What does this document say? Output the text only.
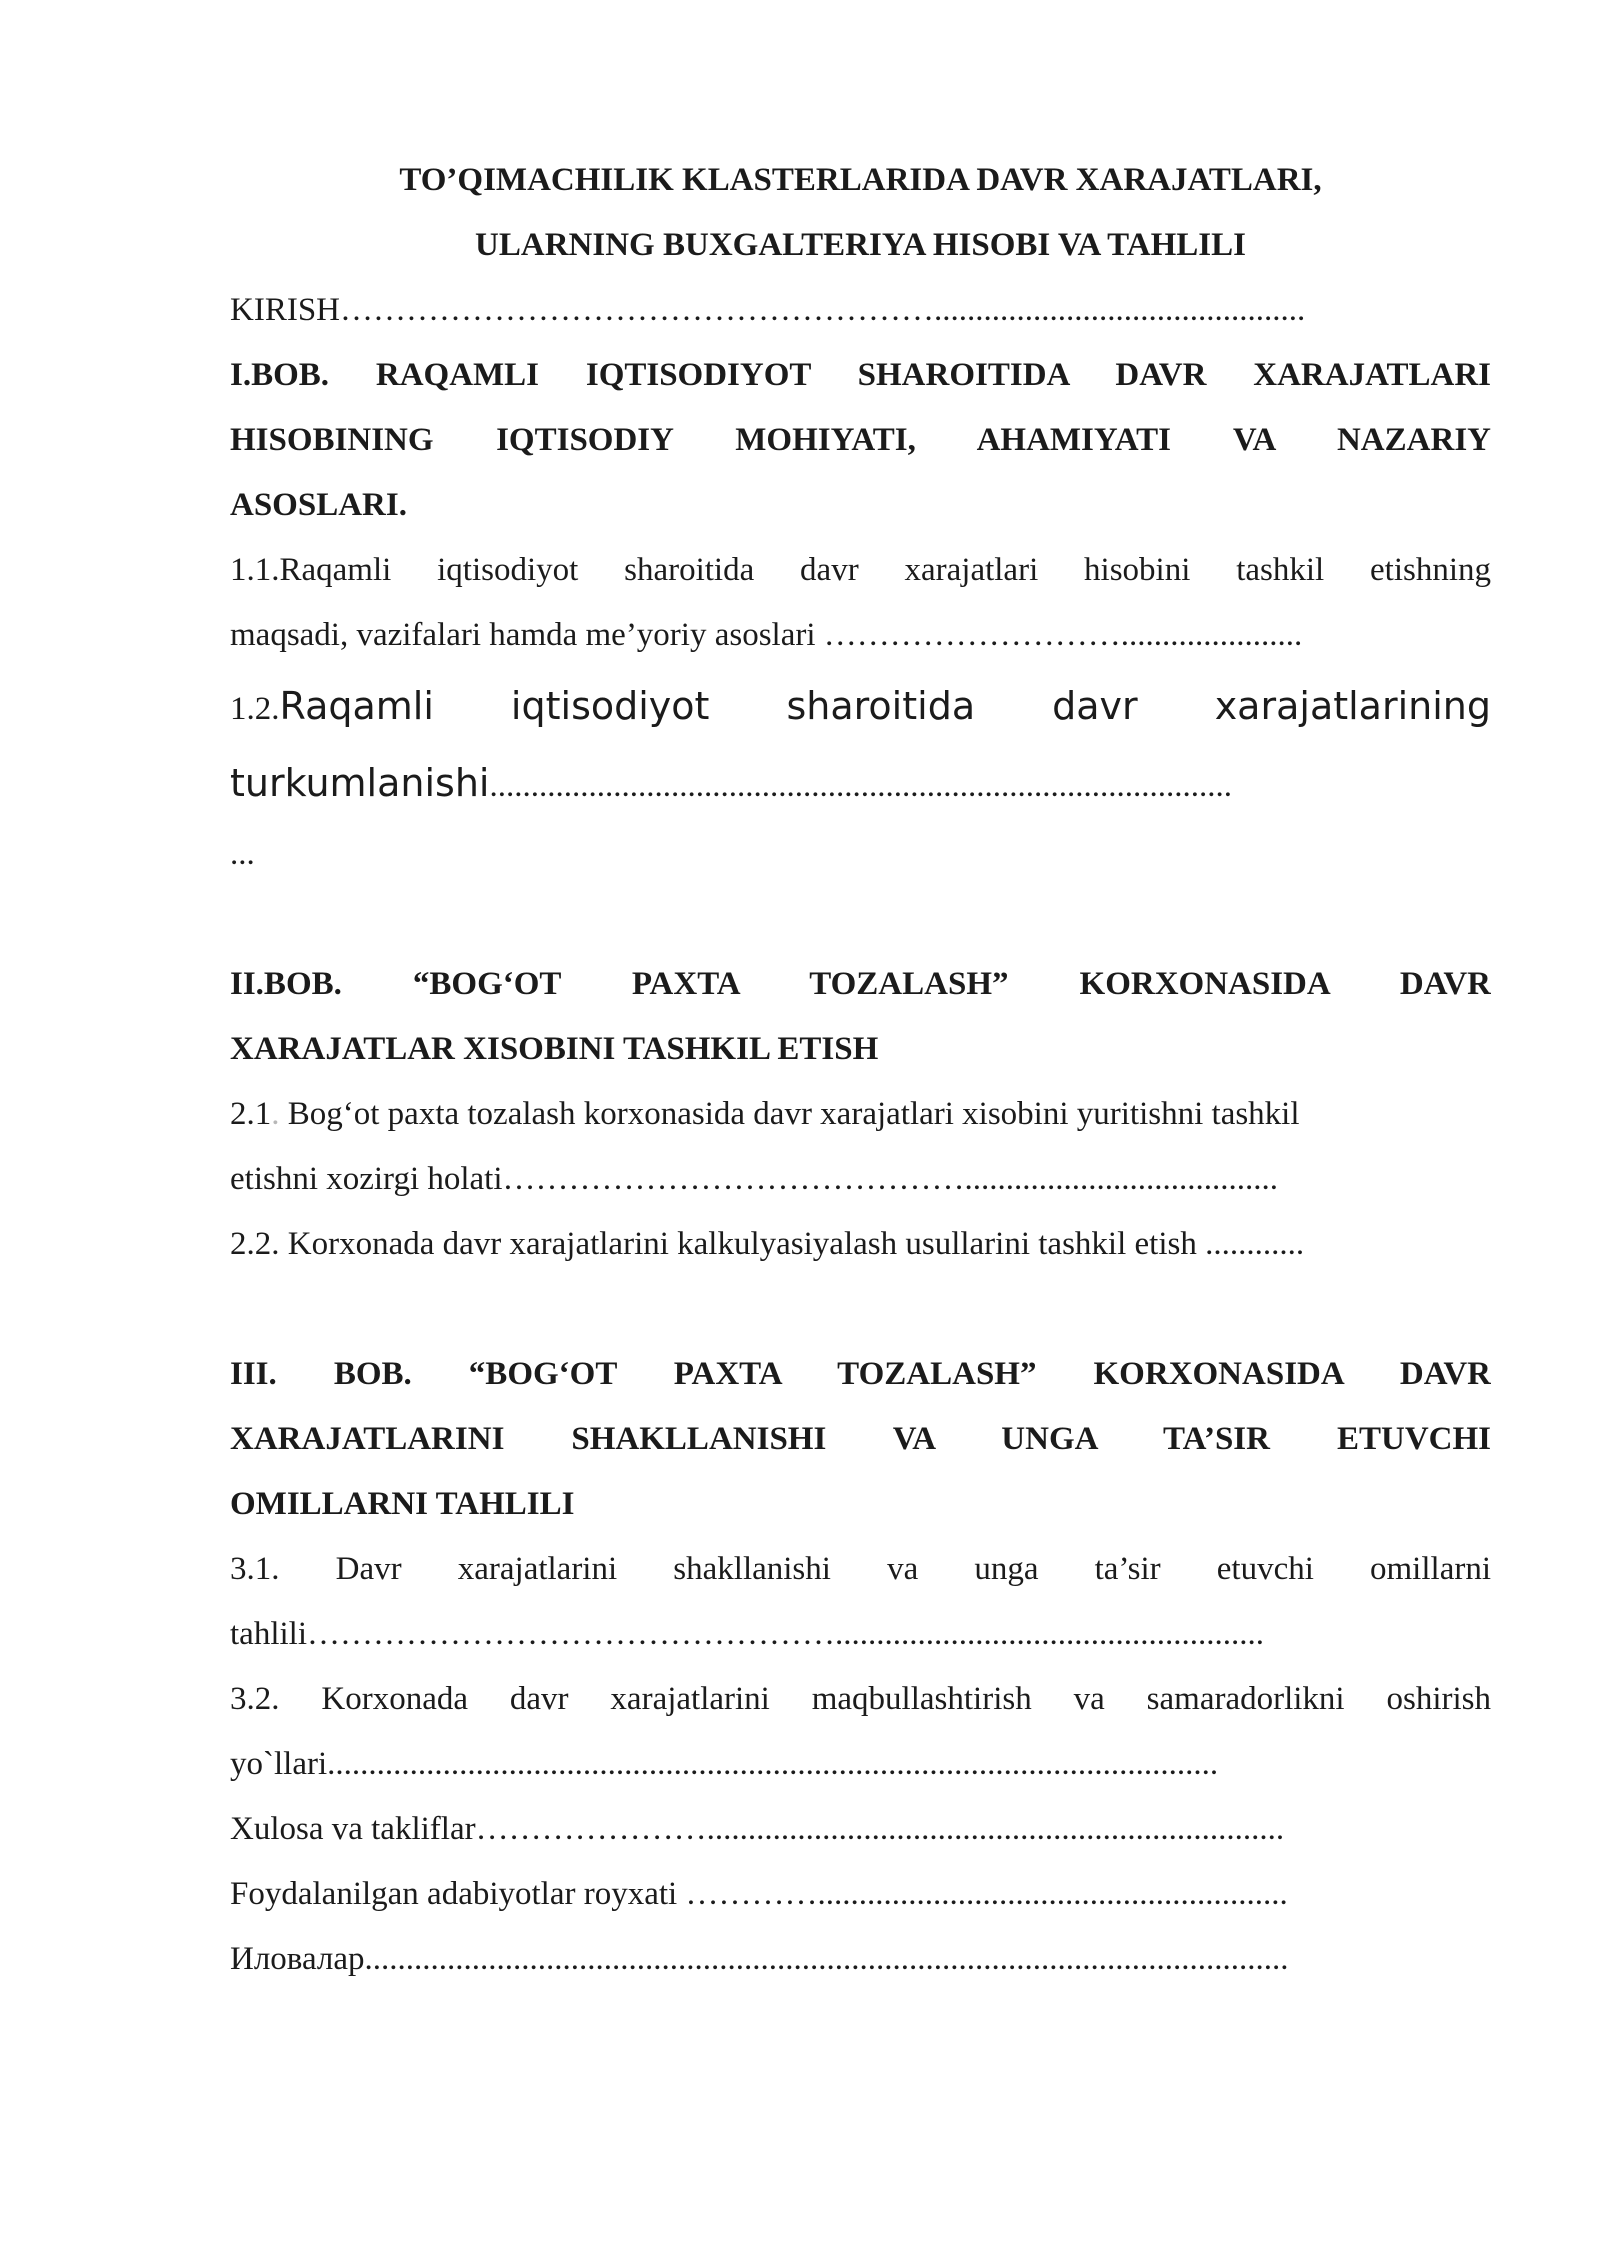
TO’QIMACHILIK KLASTERLARIDA DAVR XARAJATLARI,
ULARNING BUXGALTERIYA HISOBI VA TAHLILI
KIRISH……………………………………………….............................................
I.BOB. RAQAMLI IQTISODIYOT SHAROITIDA DAVR XARAJATLARI
HISOBINING IQTISODIY MOHIYATI, AHAMIYATI VA NAZARIY
ASOSLARI.
1.1.Raqamli iqtisodiyot sharoitida davr xarajatlari hisobini tashkil etishning
maqsadi, vazifalari hamda me’yoriy asoslari ………………………......................
1.2.Raqamli iqtisodiyot sharoitida davr xarajatlarining
turkumlanishi..........................................................................................
...
II.BOB. “BOG‘OT PAXTA TOZALASH” KORXONASIDA DAVR
XARAJATLAR XISOBINI TASHKIL ETISH
2.1. Bog‘ot paxta tozalash korxonasida davr xarajatlari xisobini yuritishni tashkil
etishni xozirgi holati……………………………………......................................
2.2. Korxonada davr xarajatlarini kalkulyasiyalash usullarini tashkil etish ............
III. BOB. “BOG‘OT PAXTA TOZALASH” KORXONASIDA DAVR
XARAJATLARINI SHAKLLANISHI VA UNGA TA’SIR ETUVCHI
OMILLARNI TAHLILI
3.1. Davr xarajatlarini shakllanishi va unga ta’sir etuvchi omillarni
tahlili…………………………………………....................................................
3.2. Korxonada davr xarajatlarini maqbullashtirish va samaradorlikni oshirish
yo`llari............................................................................................................
Xulosa va takliflar…………………......................................................................
Foydalanilgan adabiyotlar royxati ………….........................................................
Иловалар................................................................................................................
